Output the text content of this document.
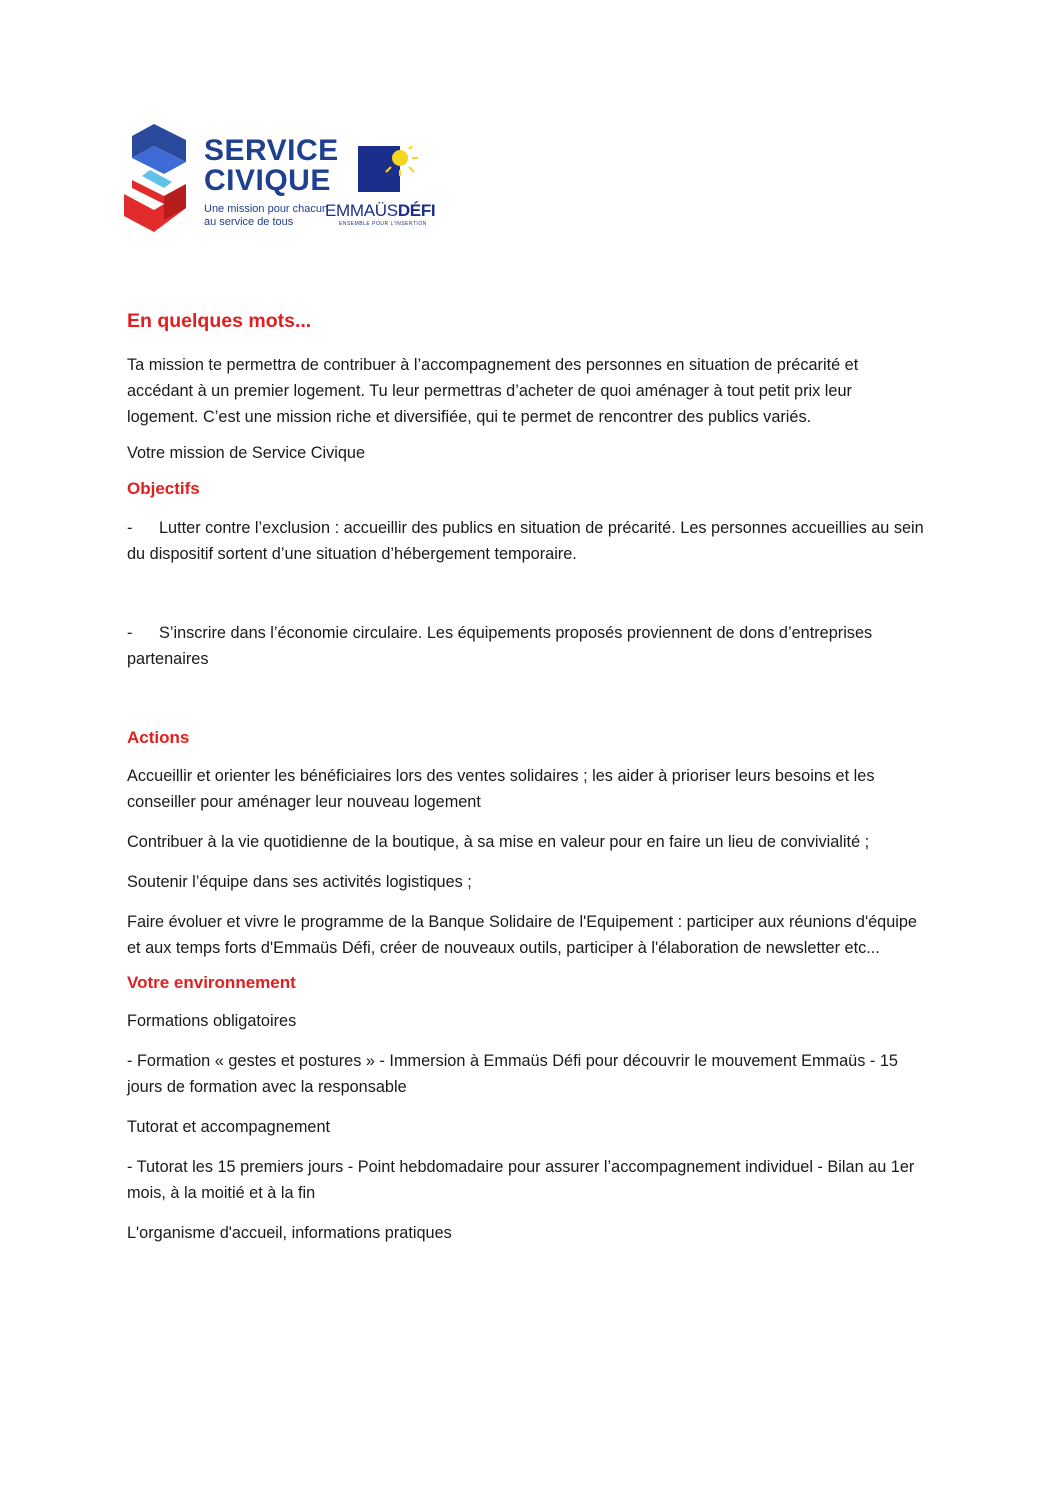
SERVICE
CIVIQUE
Une mission pour chacun
au service de tous
EMMAÜSDÉFI
ENSEMBLE POUR L'INSERTION
En quelques mots...

Ta mission te permettra de contribuer à l’accompagnement des personnes en situation de précarité et accédant à un premier logement. Tu leur permettras d’acheter de quoi aménager à tout petit prix leur logement. C’est une mission riche et diversifiée, qui te permet de rencontrer des publics variés.

Votre mission de Service Civique

Objectifs

- Lutter contre l’exclusion : accueillir des publics en situation de précarité. Les personnes accueillies au sein du dispositif sortent d’une situation d’hébergement temporaire.

- S’inscrire dans l’économie circulaire. Les équipements proposés proviennent de dons d’entreprises partenaires

Actions

Accueillir et orienter les bénéficiaires lors des ventes solidaires ; les aider à prioriser leurs besoins et les conseiller pour aménager leur nouveau logement

Contribuer à la vie quotidienne de la boutique, à sa mise en valeur pour en faire un lieu de convivialité ;

Soutenir l’équipe dans ses activités logistiques ;

Faire évoluer et vivre le programme de la Banque Solidaire de l'Equipement : participer aux réunions d'équipe et aux temps forts d'Emmaüs Défi, créer de nouveaux outils, participer à l'élaboration de newsletter etc...

Votre environnement

Formations obligatoires

- Formation « gestes et postures » - Immersion à Emmaüs Défi pour découvrir le mouvement Emmaüs - 15 jours de formation avec la responsable

Tutorat et accompagnement

- Tutorat les 15 premiers jours - Point hebdomadaire pour assurer l’accompagnement individuel - Bilan au 1er mois, à la moitié et à la fin

L'organisme d'accueil, informations pratiques
